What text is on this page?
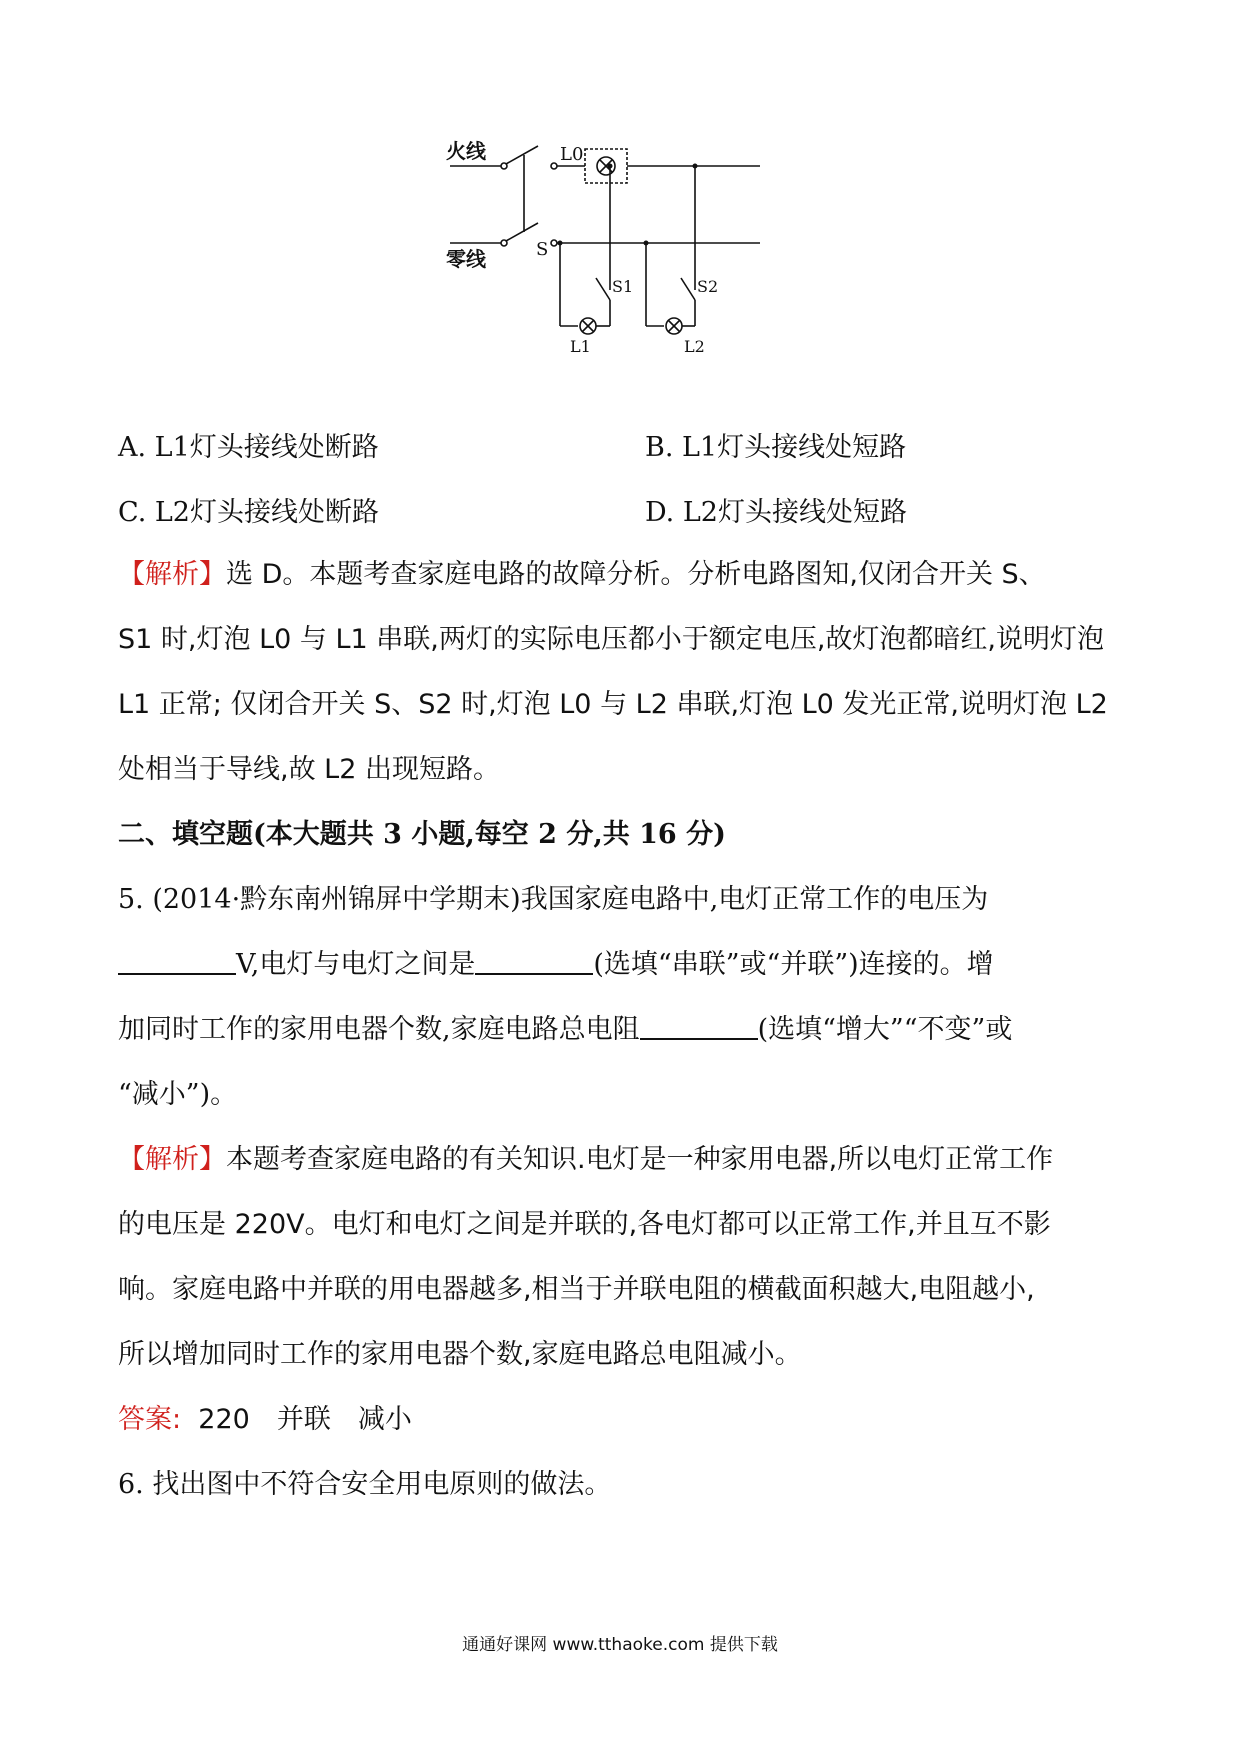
火线
零线
L0
S
S1	S2
L1	L2
A. L1灯头接线处断路	B. L1灯头接线处短路
C. L2灯头接线处断路	D. L2灯头接线处短路
【解析】选 D。本题考查家庭电路的故障分析。分析电路图知,仅闭合开关 S、
S1 时,灯泡 L0 与 L1 串联,两灯的实际电压都小于额定电压,故灯泡都暗红,说明灯泡
L1 正常; 仅闭合开关 S、S2 时,灯泡 L0 与 L2 串联,灯泡 L0 发光正常,说明灯泡 L2
处相当于导线,故 L2 出现短路。
二、填空题(本大题共 3 小题,每空 2 分,共 16 分)
5. (2014·黔东南州锦屏中学期末)我国家庭电路中,电灯正常工作的电压为
V,电灯与电灯之间是	(选填“串联”或“并联”)连接的。增
加同时工作的家用电器个数,家庭电路总电阻	(选填“增大”“不变”或
“减小”)。
【解析】本题考查家庭电路的有关知识.电灯是一种家用电器,所以电灯正常工作
的电压是 220V。电灯和电灯之间是并联的,各电灯都可以正常工作,并且互不影
响。家庭电路中并联的用电器越多,相当于并联电阻的横截面积越大,电阻越小,
所以增加同时工作的家用电器个数,家庭电路总电阻减小。
答案: 220　并联　减小
6. 找出图中不符合安全用电原则的做法。
通通好课网 www.tthaoke.com 提供下载
